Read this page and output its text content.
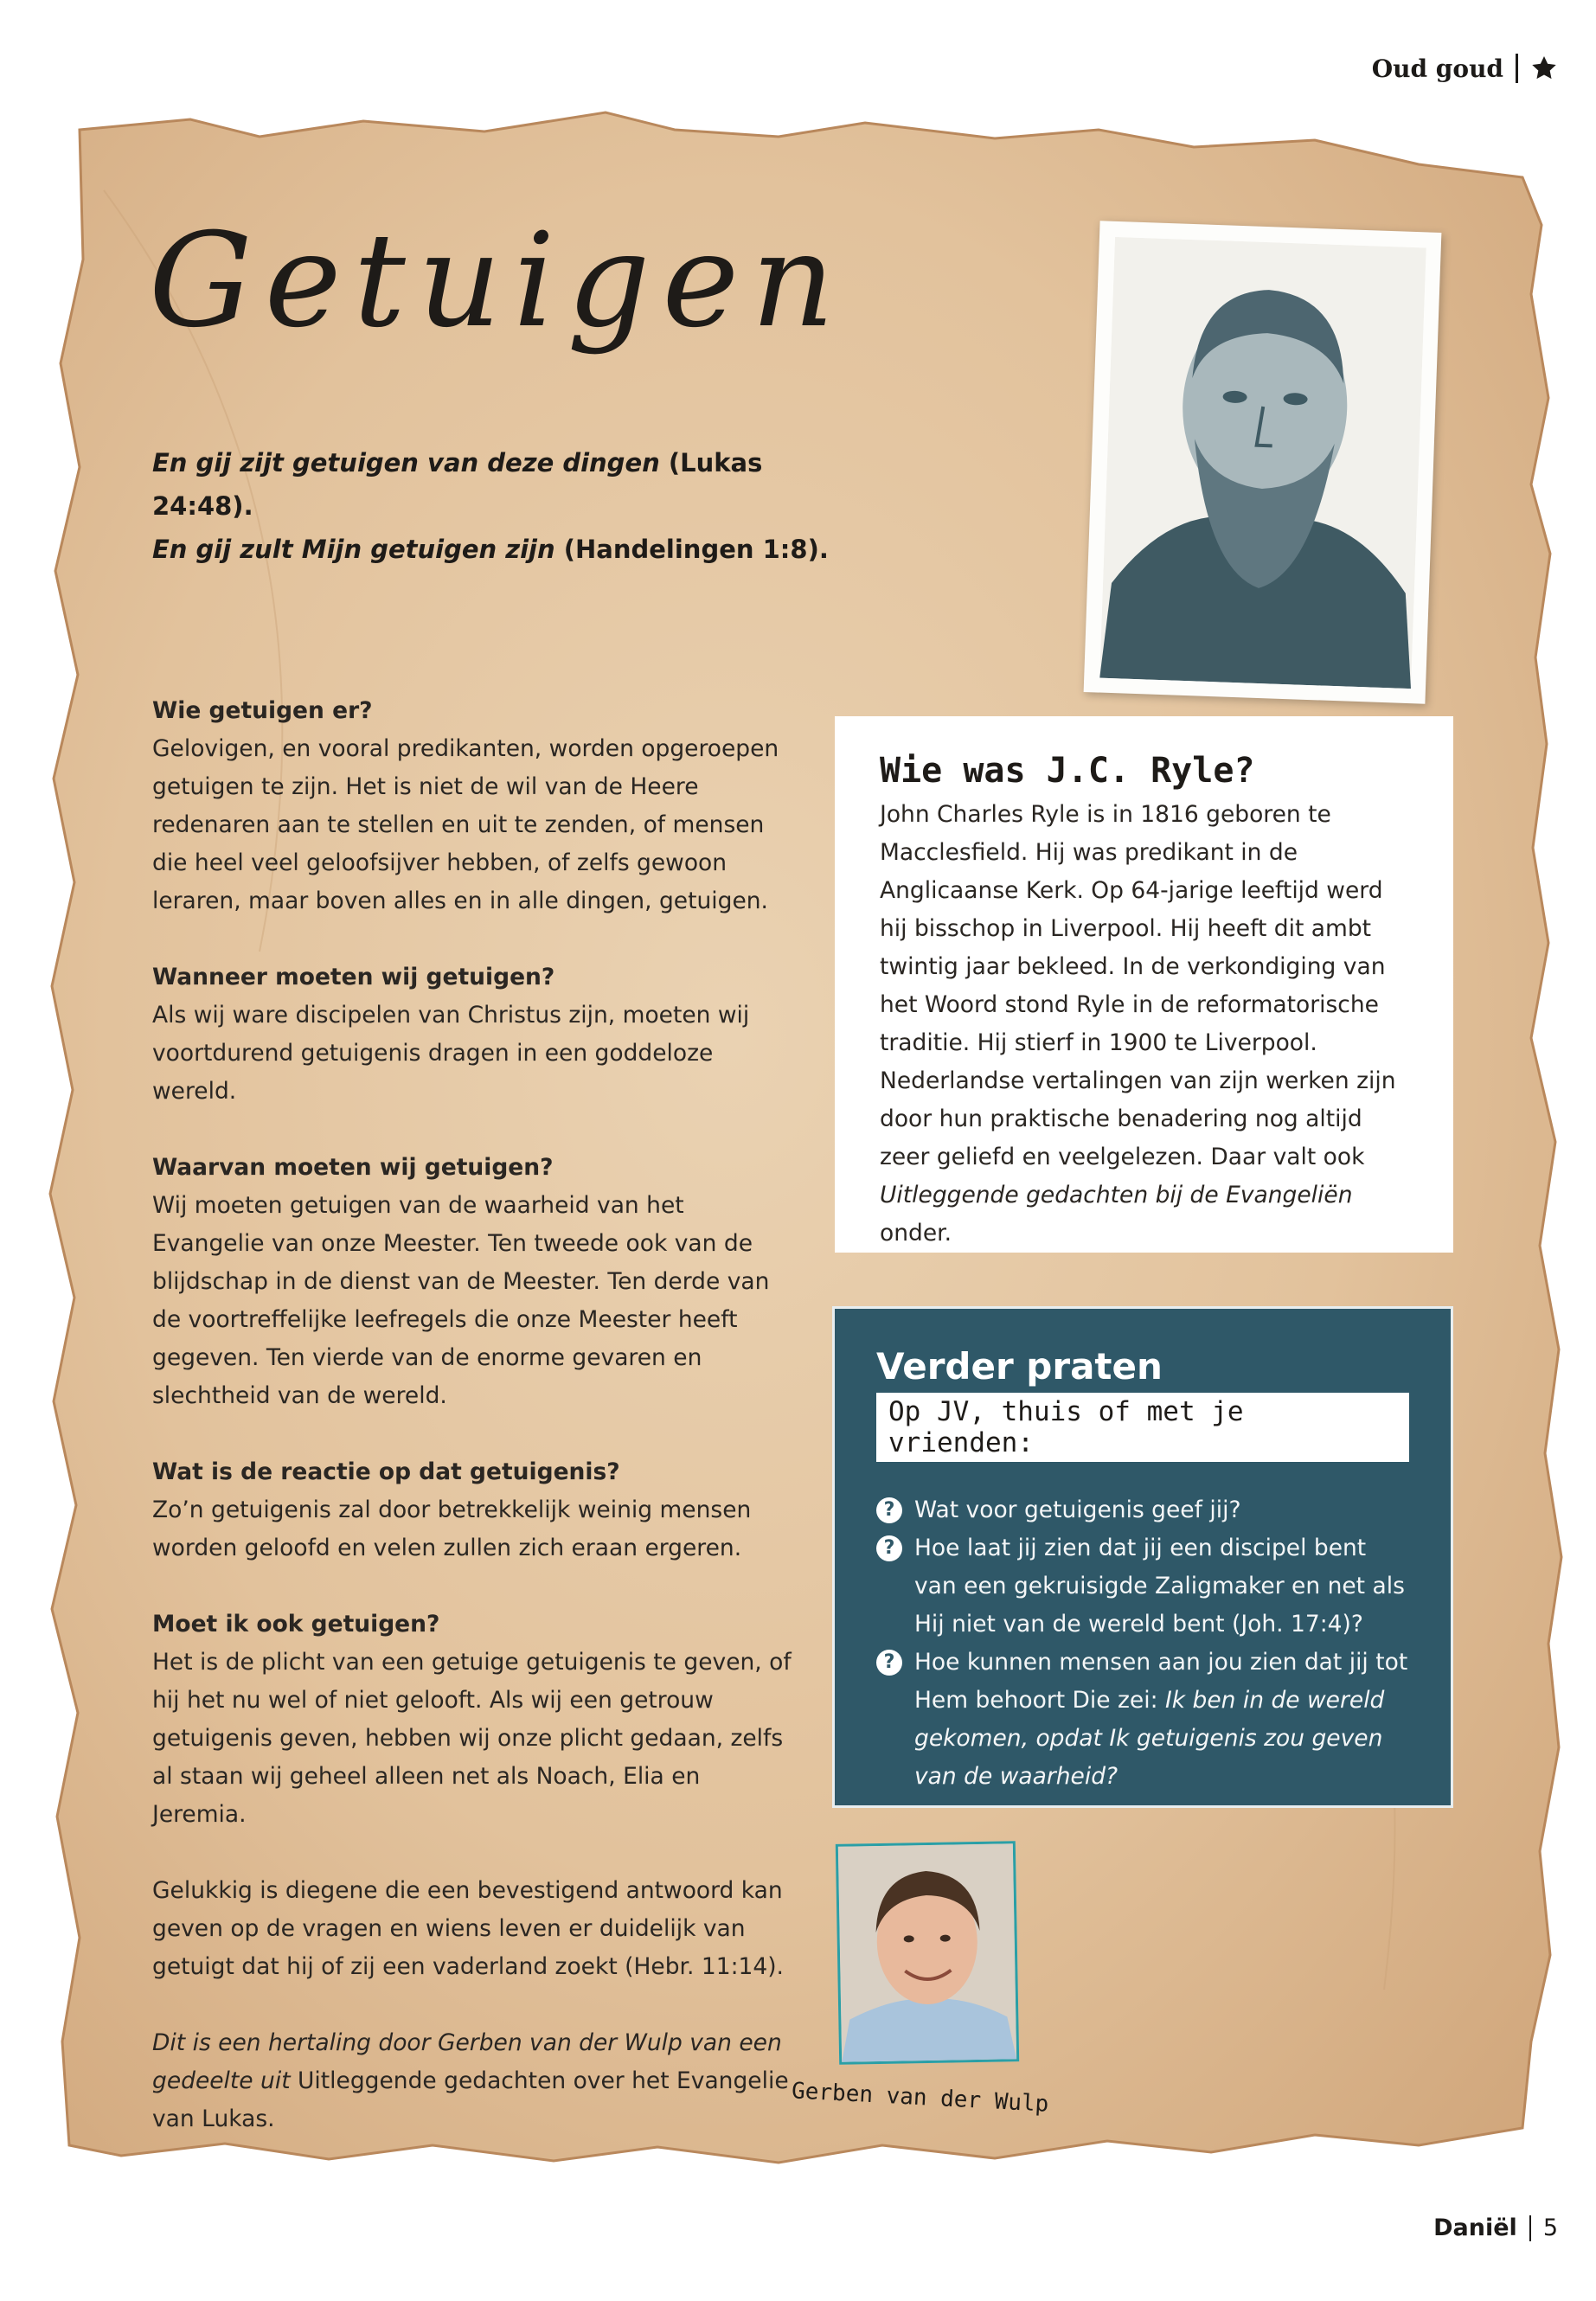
Oud goud
Getuigen
En gij zijt getuigen van deze dingen (Lukas 24:48).
En gij zult Mijn getuigen zijn (Handelingen 1:8).

Wie getuigen er?
Gelovigen, en vooral predikanten, worden opgeroepen getuigen te zijn. Het is niet de wil van de Heere redenaren aan te stellen en uit te zenden, of mensen die heel veel geloofsijver hebben, of zelfs gewoon leraren, maar boven alles en in alle dingen, getuigen.

Wanneer moeten wij getuigen?
Als wij ware discipelen van Christus zijn, moeten wij voortdurend getuigenis dragen in een goddeloze wereld.

Waarvan moeten wij getuigen?
Wij moeten getuigen van de waarheid van het Evangelie van onze Meester. Ten tweede ook van de blijdschap in de dienst van de Meester. Ten derde van de voortreffelijke leefregels die onze Meester heeft gegeven. Ten vierde van de enorme gevaren en slechtheid van de wereld.

Wat is de reactie op dat getuigenis?
Zo’n getuigenis zal door betrekkelijk weinig mensen worden geloofd en velen zullen zich eraan ergeren.

Moet ik ook getuigen?
Het is de plicht van een getuige getuigenis te geven, of hij het nu wel of niet gelooft. Als wij een getrouw getuigenis geven, hebben wij onze plicht gedaan, zelfs al staan wij geheel alleen net als Noach, Elia en Jeremia.

Gelukkig is diegene die een bevestigend antwoord kan geven op de vragen en wiens leven er duidelijk van getuigt dat hij of zij een vaderland zoekt (Hebr. 11:14).

Dit is een hertaling door Gerben van der Wulp van een gedeelte uit Uitleggende gedachten over het Evangelie van Lukas.

Wie was J.C. Ryle?
John Charles Ryle is in 1816 geboren te Macclesfield. Hij was predikant in de Anglicaanse Kerk. Op 64-jarige leeftijd werd hij bisschop in Liverpool. Hij heeft dit ambt twintig jaar bekleed. In de verkondiging van het Woord stond Ryle in de reformatorische traditie. Hij stierf in 1900 te Liverpool. Nederlandse vertalingen van zijn werken zijn door hun praktische benadering nog altijd zeer geliefd en veelgelezen. Daar valt ook Uitleggende gedachten bij de Evangeliën onder.
Verder praten
Op JV, thuis of met je vrienden:
? Wat voor getuigenis geef jij?
? Hoe laat jij zien dat jij een discipel bent van een gekruisigde Zaligmaker en net als Hij niet van de wereld bent (Joh. 17:4)?
? Hoe kunnen mensen aan jou zien dat jij tot Hem behoort Die zei: Ik ben in de wereld gekomen, opdat Ik getuigenis zou geven van de waarheid?
Gerben van der Wulp
Daniël 5
